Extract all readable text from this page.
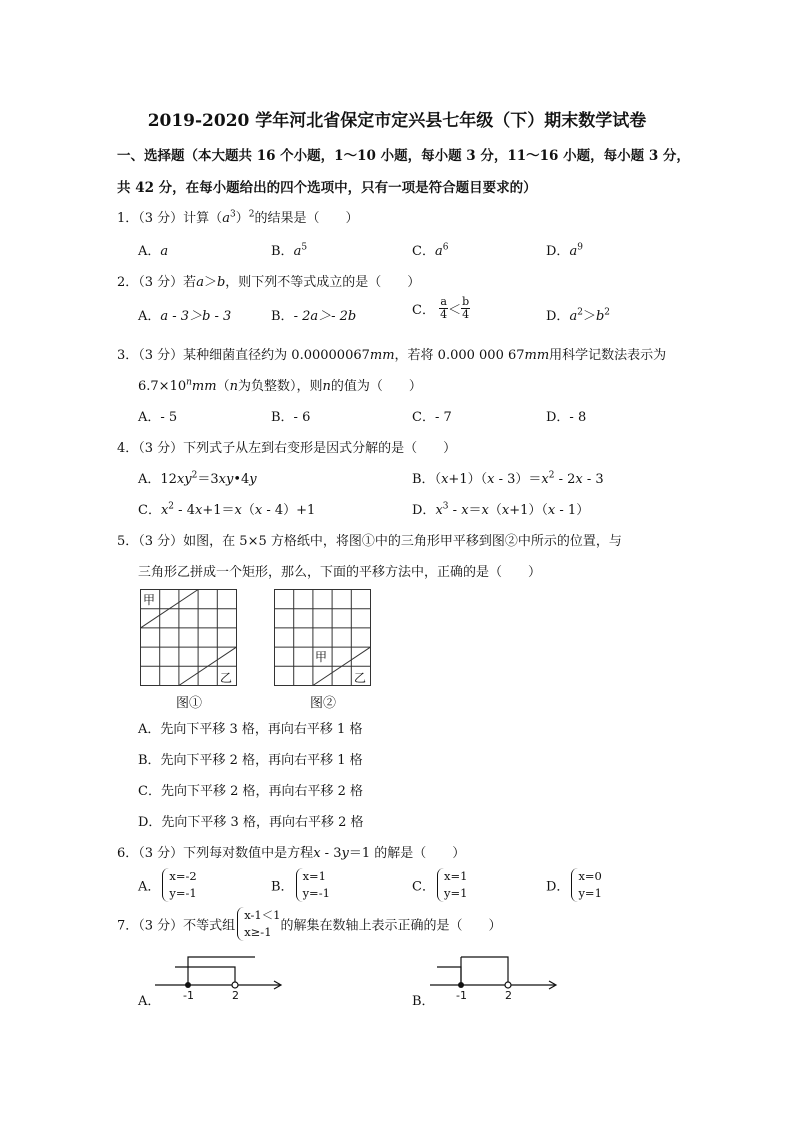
2019-2020 学年河北省保定市定兴县七年级（下）期末数学试卷
一、选择题（本大题共 16 个小题，1～10 小题，每小题 3 分，11～16 小题，每小题 3 分，
共 42 分，在每小题给出的四个选项中，只有一项是符合题目要求的）
1．（3 分）计算$(a^3)^2$的结果是（　　）
A．a	B．$a^5$	C．$a^6$	D．$a^9$
2．（3 分）若a＞b，则下列不等式成立的是（　　）
A．a - 3＞b - 3	B．- 2a＞- 2b	C． $\frac{a}{4} < \frac{b}{4}$	D．$a^2>b^2$
3．（3 分）某种细菌直径约为 0.00000067mm，若将 0.000 000 67mm用科学记数法表示为
$6.7\times 10^nmm(n$为负整数），则n的值为（　　）
A．- 5	B．- 6	C．- 7	D．- 8
4．（3 分）下列式子从左到右变形是因式分解的是（　　）
A．$12xy^2=3xy•4y$	B．$(x+1)(x - 3)=x^2 - 2x - 3$
C．$x^2 - 4x+1=x(x - 4)+1$	D．$x^3 - x=x(x+1)(x - 1)$
5．（3 分）如图，在 5×5 方格纸中，将图①中的三角形甲平移到图②中所示的位置，与
三角形乙拼成一个矩形，那么，下面的平移方法中，正确的是（　　）
甲
乙
图①
甲
乙
图②
A．先向下平移 3 格，再向右平移 1 格
B．先向下平移 2 格，再向右平移 1 格
C．先向下平移 2 格，再向右平移 2 格
D．先向下平移 3 格，再向右平移 2 格
6．（3 分）下列每对数值中是方程x - 3y＝1 的解是（　　）
A．
x=-2
y=-1	B．
x=1
y=-1	C．
x=1
y=1	D．
x=0
y=1
7．（3 分）不等式组
x-1＜1
x≥-1 的解集在数轴上表示正确的是（　　）
A． -1	2	B． -1	2
